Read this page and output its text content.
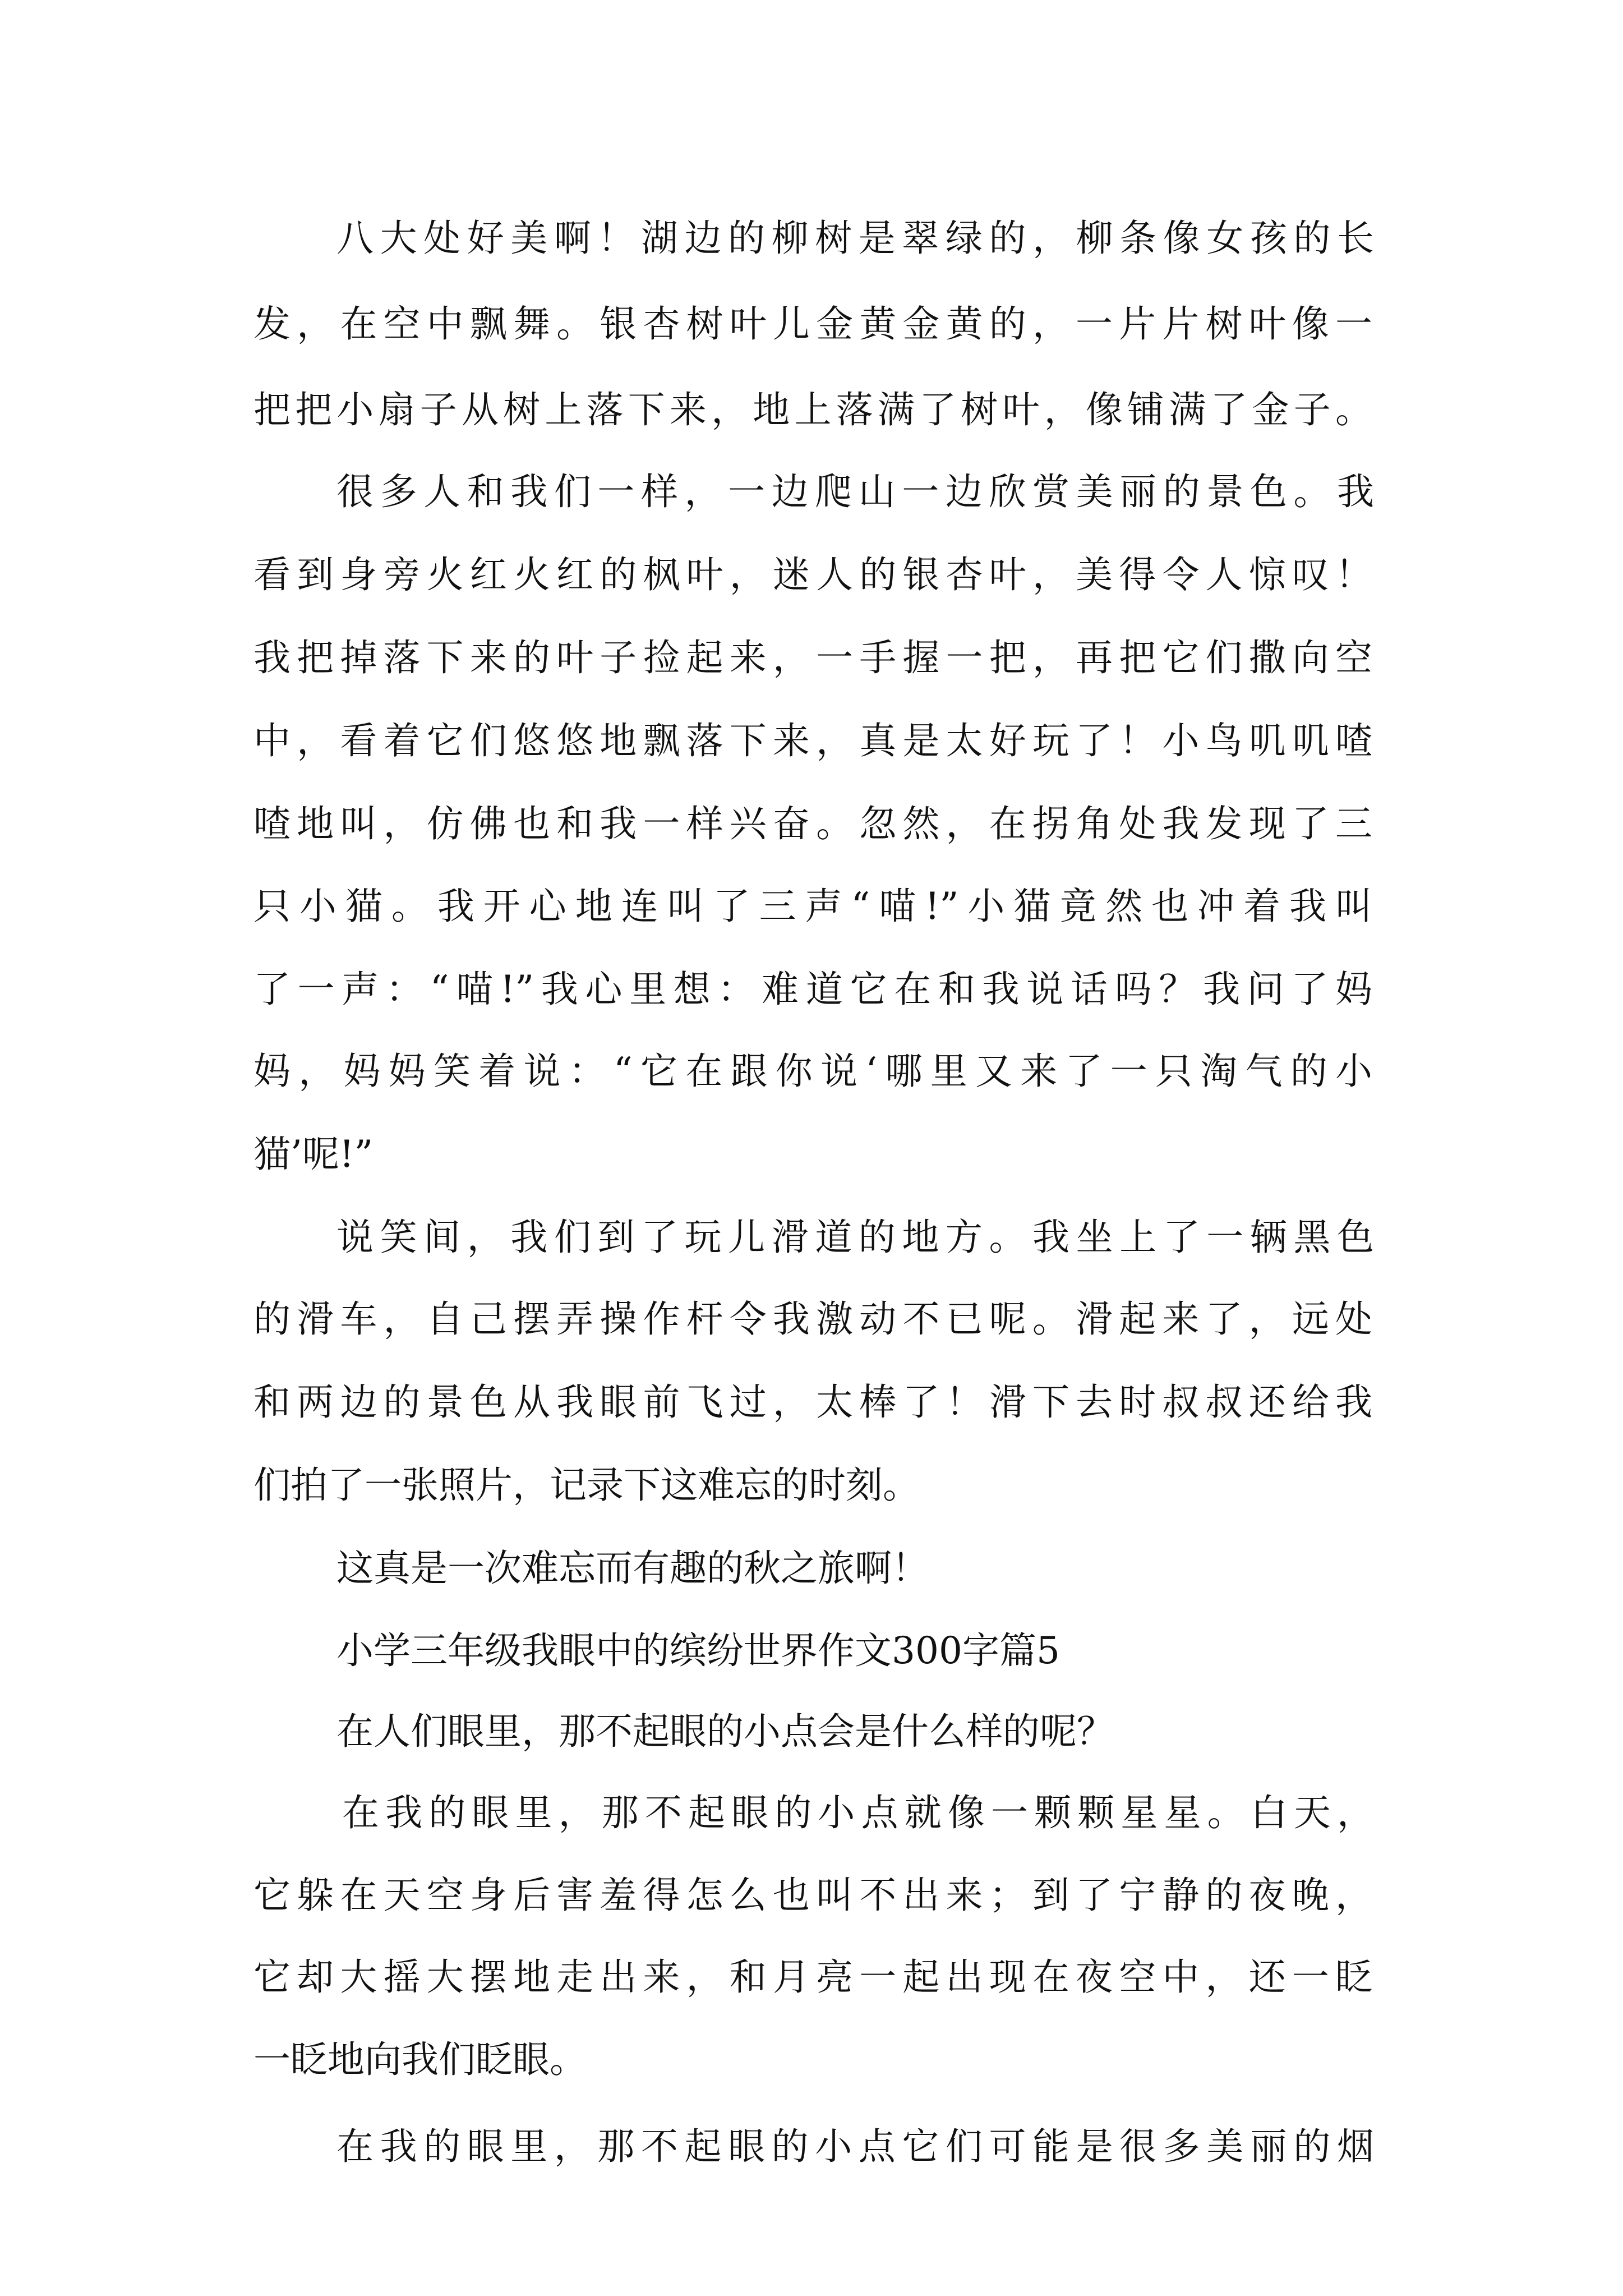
八大处好美啊！湖边的柳树是翠绿的，柳条像女孩的长
发，在空中飘舞。银杏树叶儿金黄金黄的，一片片树叶像一
把把小扇子从树上落下来，地上落满了树叶，像铺满了金子。
很多人和我们一样，一边爬山一边欣赏美丽的景色。我
看到身旁火红火红的枫叶，迷人的银杏叶，美得令人惊叹！
我把掉落下来的叶子捡起来，一手握一把，再把它们撒向空
中，看着它们悠悠地飘落下来，真是太好玩了！小鸟叽叽喳
喳地叫，仿佛也和我一样兴奋。忽然，在拐角处我发现了三
只小猫。我开心地连叫了三声“喵!”小猫竟然也冲着我叫
了一声：“喵!”我心里想：难道它在和我说话吗？我问了妈
妈，妈妈笑着说：“它在跟你说‘哪里又来了一只淘气的小
猫’呢!”
说笑间，我们到了玩儿滑道的地方。我坐上了一辆黑色
的滑车，自己摆弄操作杆令我激动不已呢。滑起来了，远处
和两边的景色从我眼前飞过，太棒了！滑下去时叔叔还给我
们拍了一张照片，记录下这难忘的时刻。
这真是一次难忘而有趣的秋之旅啊！
小学三年级我眼中的缤纷世界作文300字篇5
在人们眼里，那不起眼的小点会是什么样的呢？
在我的眼里，那不起眼的小点就像一颗颗星星。白天，
它躲在天空身后害羞得怎么也叫不出来；到了宁静的夜晚，
它却大摇大摆地走出来，和月亮一起出现在夜空中，还一眨
一眨地向我们眨眼。
在我的眼里，那不起眼的小点它们可能是很多美丽的烟
